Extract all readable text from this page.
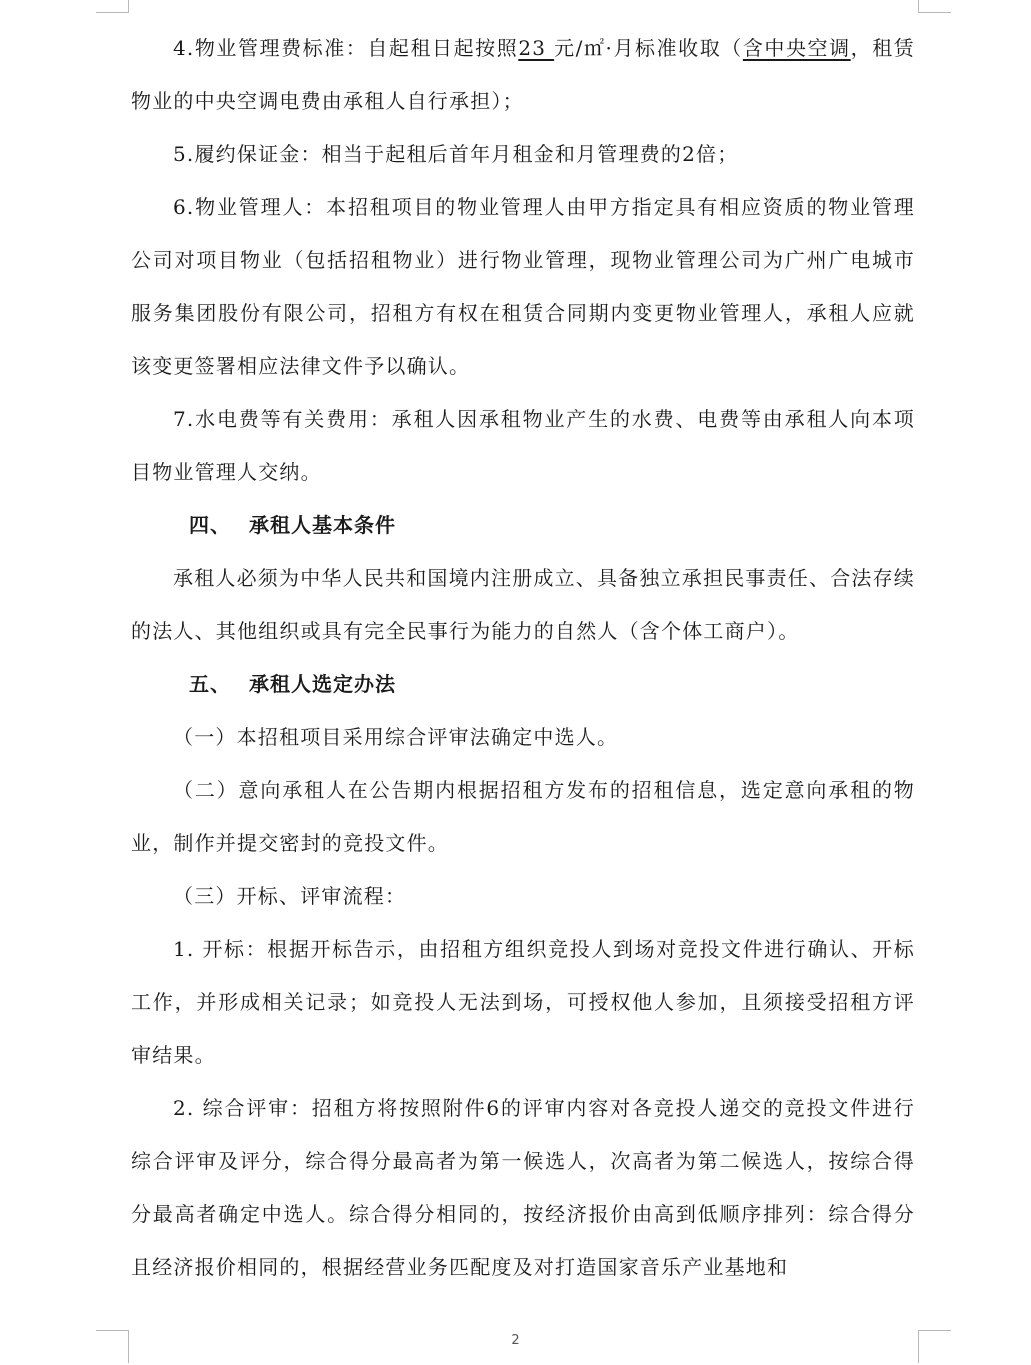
4.物业管理费标准：自起租日起按照23 元/㎡·月标准收取（含中央空调，租赁物业的中央空调电费由承租人自行承担）；

5.履约保证金：相当于起租后首年月租金和月管理费的2倍；

6.物业管理人：本招租项目的物业管理人由甲方指定具有相应资质的物业管理公司对项目物业（包括招租物业）进行物业管理，现物业管理公司为广州广电城市服务集团股份有限公司，招租方有权在租赁合同期内变更物业管理人，承租人应就该变更签署相应法律文件予以确认。

7.水电费等有关费用：承租人因承租物业产生的水费、电费等由承租人向本项目物业管理人交纳。

四、 承租人基本条件

承租人必须为中华人民共和国境内注册成立、具备独立承担民事责任、合法存续的法人、其他组织或具有完全民事行为能力的自然人（含个体工商户）。

五、 承租人选定办法

（一）本招租项目采用综合评审法确定中选人。

（二）意向承租人在公告期内根据招租方发布的招租信息，选定意向承租的物业，制作并提交密封的竞投文件。

（三）开标、评审流程：

1. 开标：根据开标告示，由招租方组织竞投人到场对竞投文件进行确认、开标工作，并形成相关记录；如竞投人无法到场，可授权他人参加，且须接受招租方评审结果。

2. 综合评审：招租方将按照附件6的评审内容对各竞投人递交的竞投文件进行综合评审及评分，综合得分最高者为第一候选人，次高者为第二候选人，按综合得分最高者确定中选人。综合得分相同的，按经济报价由高到低顺序排列：综合得分且经济报价相同的，根据经营业务匹配度及对打造国家音乐产业基地和

2
